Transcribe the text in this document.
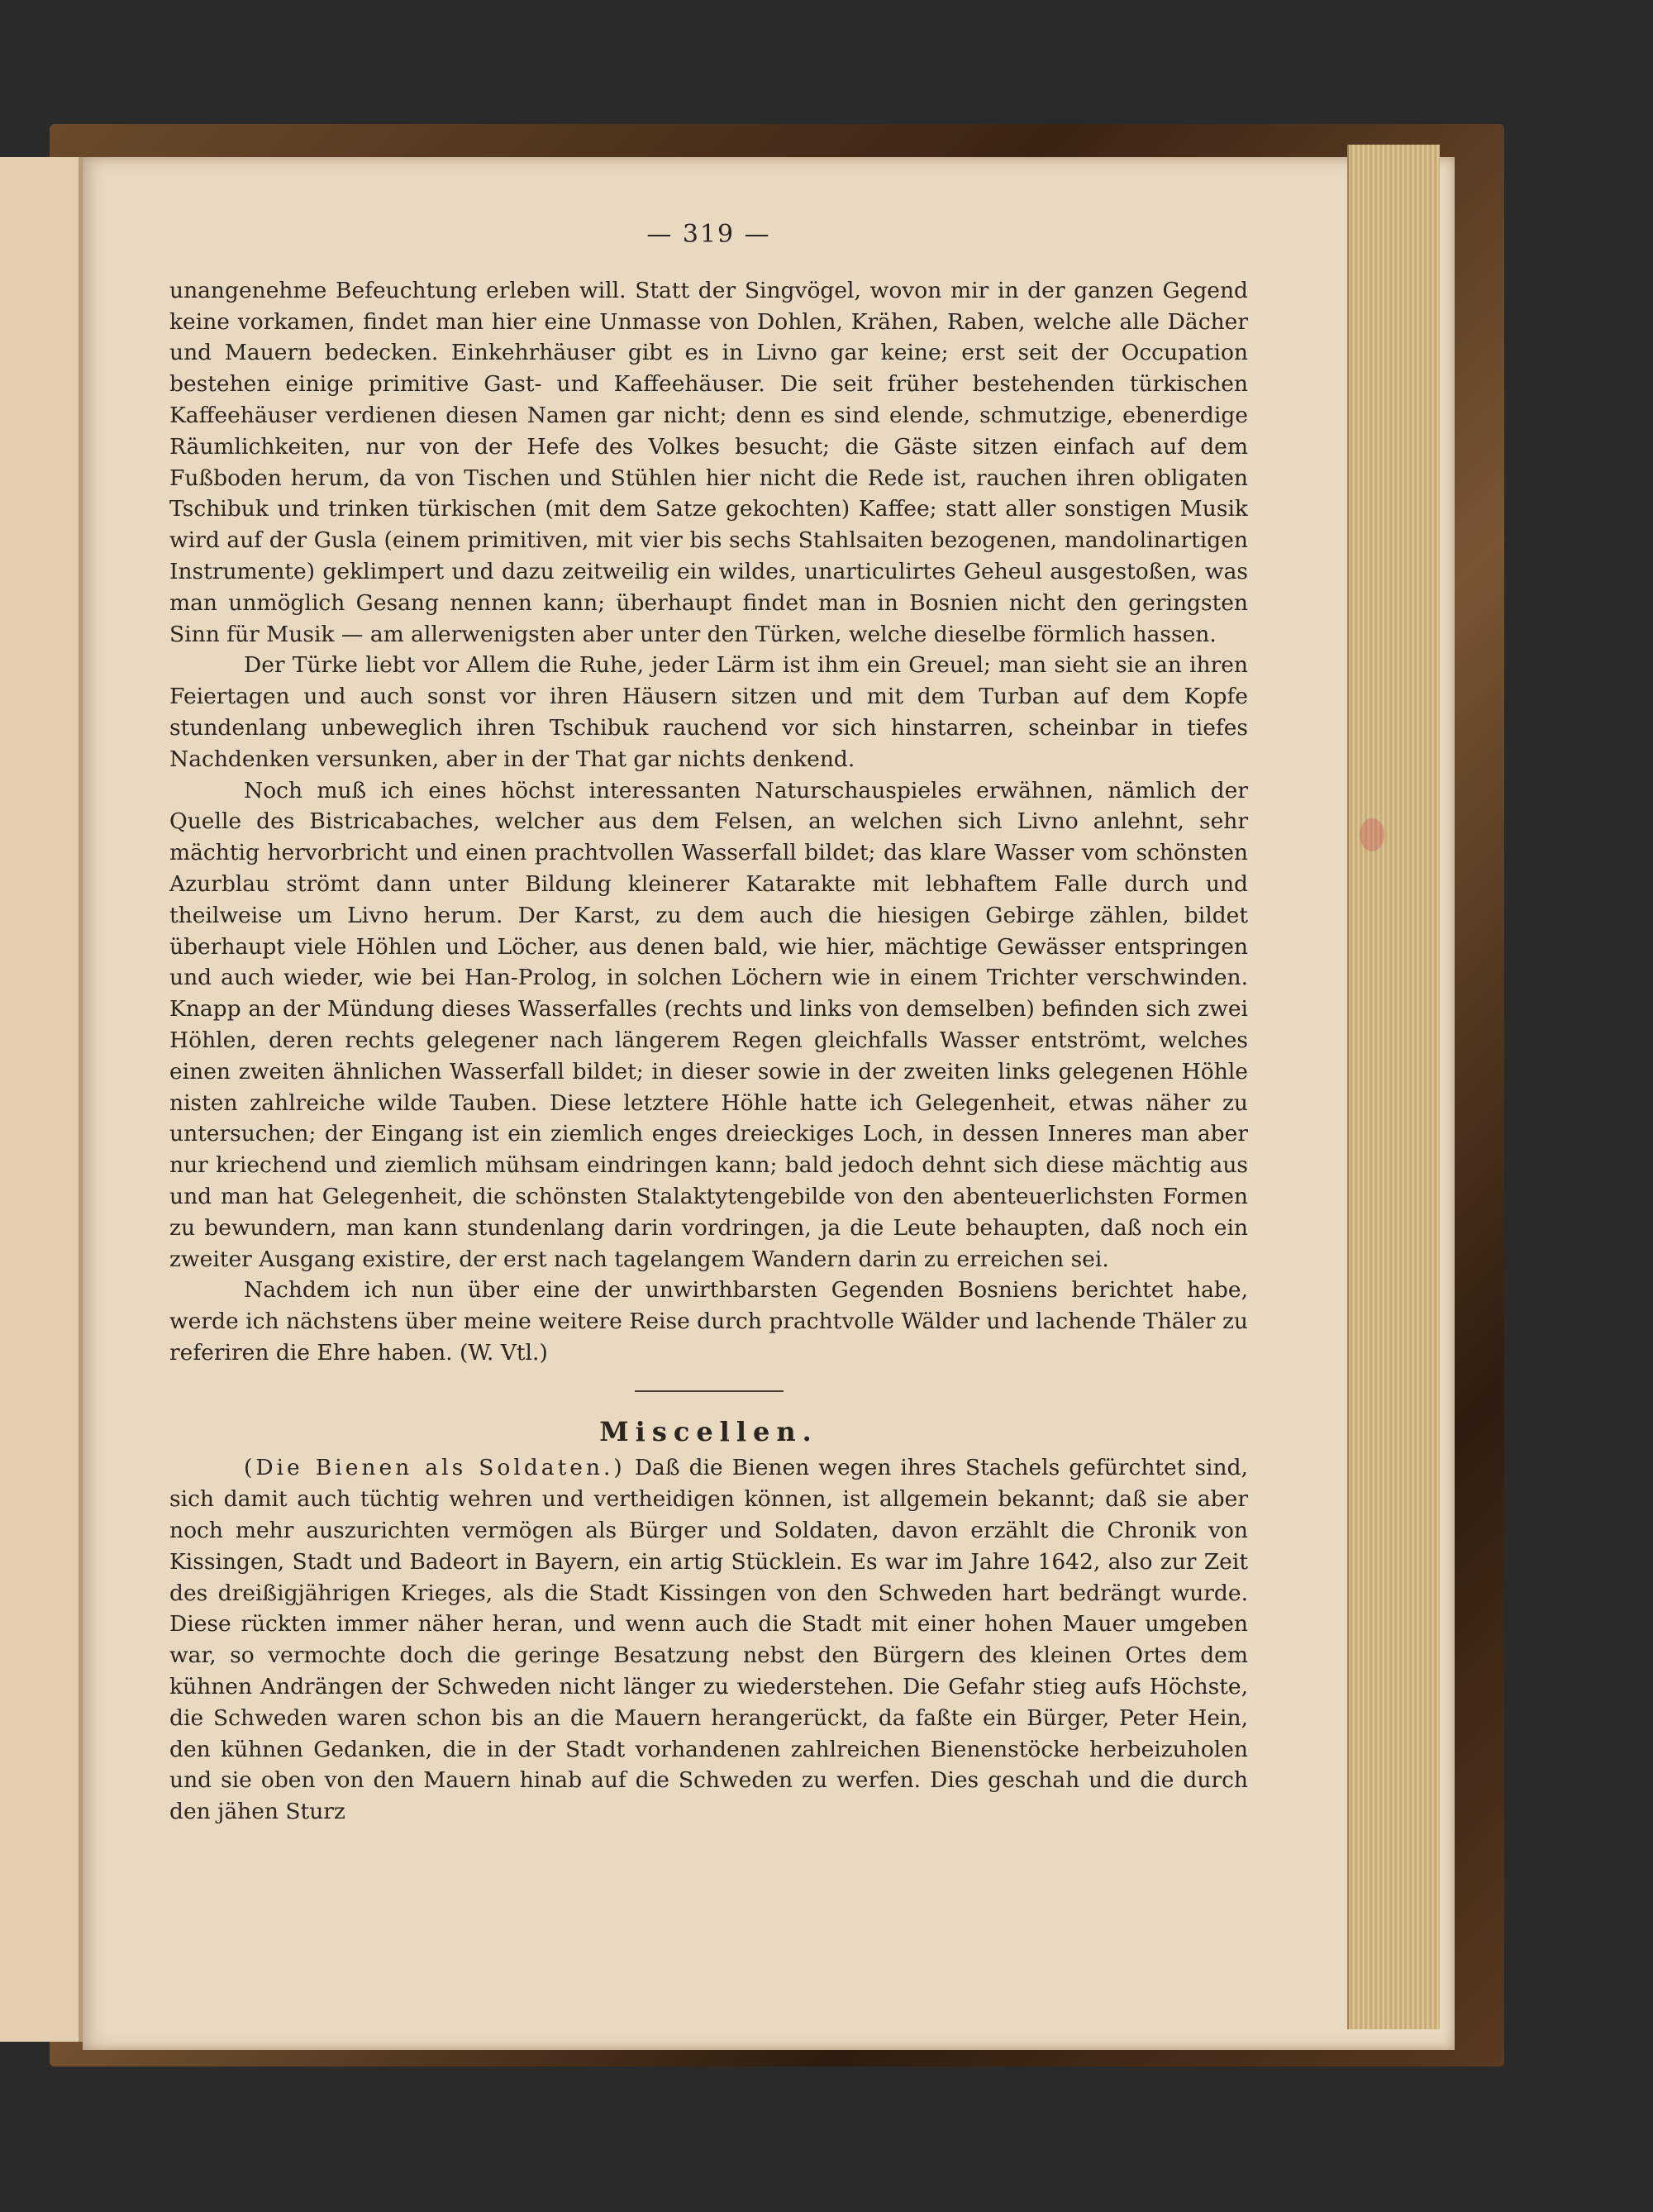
— 319 —

unangenehme Befeuchtung erleben will. Statt der Singvögel, wovon mir in der ganzen Gegend keine vorkamen, findet man hier eine Unmasse von Dohlen, Krähen, Raben, welche alle Dächer und Mauern bedecken. Einkehrhäuser gibt es in Livno gar keine; erst seit der Occupation bestehen einige primitive Gast- und Kaffeehäuser. Die seit früher bestehenden türkischen Kaffeehäuser verdienen diesen Namen gar nicht; denn es sind elende, schmutzige, ebenerdige Räumlichkeiten, nur von der Hefe des Volkes besucht; die Gäste sitzen einfach auf dem Fußboden herum, da von Tischen und Stühlen hier nicht die Rede ist, rauchen ihren obligaten Tschibuk und trinken türkischen (mit dem Satze gekochten) Kaffee; statt aller sonstigen Musik wird auf der Gusla (einem primitiven, mit vier bis sechs Stahlsaiten bezogenen, mandolinartigen Instrumente) geklimpert und dazu zeitweilig ein wildes, unarticulirtes Geheul ausgestoßen, was man unmöglich Gesang nennen kann; überhaupt findet man in Bosnien nicht den geringsten Sinn für Musik — am allerwenigsten aber unter den Türken, welche dieselbe förmlich hassen.

Der Türke liebt vor Allem die Ruhe, jeder Lärm ist ihm ein Greuel; man sieht sie an ihren Feiertagen und auch sonst vor ihren Häusern sitzen und mit dem Turban auf dem Kopfe stundenlang unbeweglich ihren Tschibuk rauchend vor sich hinstarren, scheinbar in tiefes Nachdenken versunken, aber in der That gar nichts denkend.

Noch muß ich eines höchst interessanten Naturschauspieles erwähnen, nämlich der Quelle des Bistricabaches, welcher aus dem Felsen, an welchen sich Livno anlehnt, sehr mächtig hervorbricht und einen prachtvollen Wasserfall bildet; das klare Wasser vom schönsten Azurblau strömt dann unter Bildung kleinerer Katarakte mit lebhaftem Falle durch und theilweise um Livno herum. Der Karst, zu dem auch die hiesigen Gebirge zählen, bildet überhaupt viele Höhlen und Löcher, aus denen bald, wie hier, mächtige Gewässer entspringen und auch wieder, wie bei Han-Prolog, in solchen Löchern wie in einem Trichter verschwinden. Knapp an der Mündung dieses Wasserfalles (rechts und links von demselben) befinden sich zwei Höhlen, deren rechts gelegener nach längerem Regen gleichfalls Wasser entströmt, welches einen zweiten ähnlichen Wasserfall bildet; in dieser sowie in der zweiten links gelegenen Höhle nisten zahlreiche wilde Tauben. Diese letztere Höhle hatte ich Gelegenheit, etwas näher zu untersuchen; der Eingang ist ein ziemlich enges dreieckiges Loch, in dessen Inneres man aber nur kriechend und ziemlich mühsam eindringen kann; bald jedoch dehnt sich diese mächtig aus und man hat Gelegenheit, die schönsten Stalaktytengebilde von den abenteuerlichsten Formen zu bewundern, man kann stundenlang darin vordringen, ja die Leute behaupten, daß noch ein zweiter Ausgang existire, der erst nach tagelangem Wandern darin zu erreichen sei.

Nachdem ich nun über eine der unwirthbarsten Gegenden Bosniens berichtet habe, werde ich nächstens über meine weitere Reise durch prachtvolle Wälder und lachende Thäler zu referiren die Ehre haben. (W. Vtl.)

Miscellen.

(Die Bienen als Soldaten.) Daß die Bienen wegen ihres Stachels gefürchtet sind, sich damit auch tüchtig wehren und vertheidigen können, ist allgemein bekannt; daß sie aber noch mehr auszurichten vermögen als Bürger und Soldaten, davon erzählt die Chronik von Kissingen, Stadt und Badeort in Bayern, ein artig Stücklein. Es war im Jahre 1642, also zur Zeit des dreißigjährigen Krieges, als die Stadt Kissingen von den Schweden hart bedrängt wurde. Diese rückten immer näher heran, und wenn auch die Stadt mit einer hohen Mauer umgeben war, so vermochte doch die geringe Besatzung nebst den Bürgern des kleinen Ortes dem kühnen Andrängen der Schweden nicht länger zu wiederstehen. Die Gefahr stieg aufs Höchste, die Schweden waren schon bis an die Mauern herangerückt, da faßte ein Bürger, Peter Hein, den kühnen Gedanken, die in der Stadt vorhandenen zahlreichen Bienenstöcke herbeizuholen und sie oben von den Mauern hinab auf die Schweden zu werfen. Dies geschah und die durch den jähen Sturz
